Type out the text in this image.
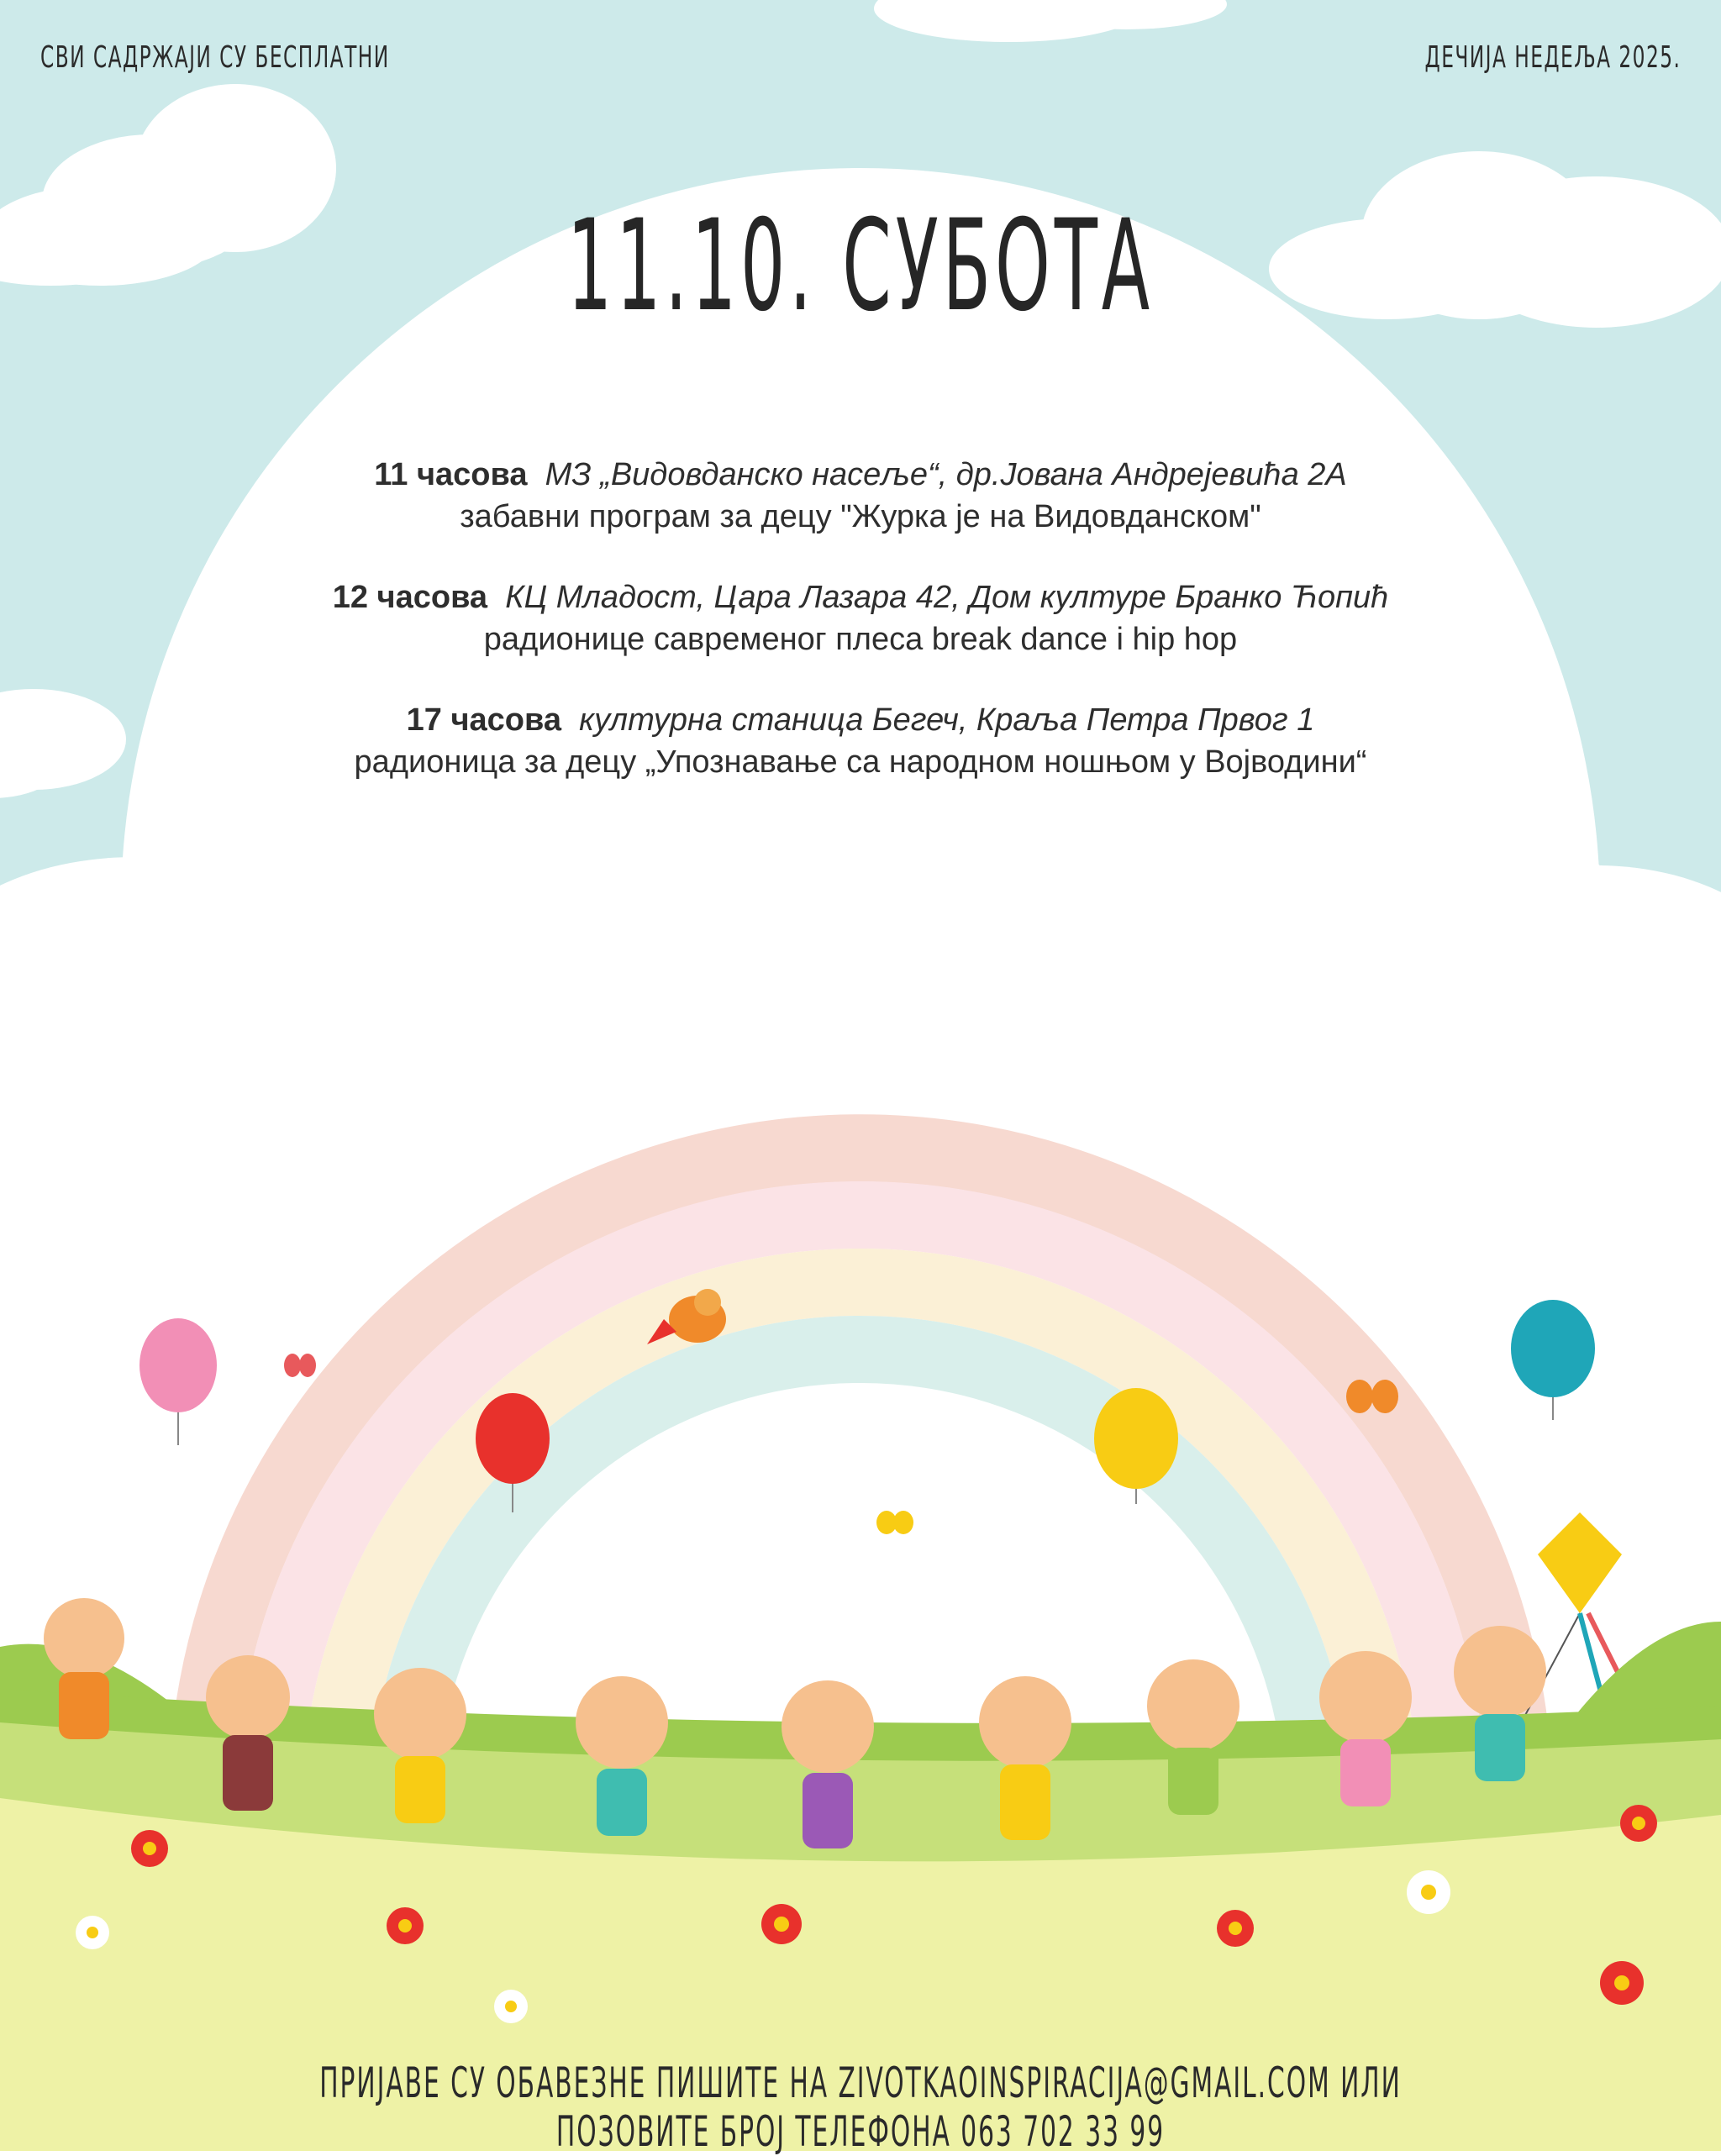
СВИ САДРЖАЈИ СУ БЕСПЛАТНИ	ДЕЧИЈА НЕДЕЉА 2025.
11.10. СУБОТА
11 часова МЗ „Видовданско насеље“, др.Јована Андрејевића 2А
забавни програм за децу "Журка је на Видовданском"
12 часова КЦ Младост, Цара Лазара 42, Дом културе Бранко Ћопић
радионице савременог плеса break dance i hip hop
17 часова културна станица Бегеч, Краља Петра Првог 1
радионица за децу „Упознавање са народном ношњом у Војводини“
ПРИЈАВЕ СУ ОБАВЕЗНЕ ПИШИТЕ НА ZIVOTKAOINSPIRACIJA@GMAIL.COM ИЛИ ПОЗОВИТЕ БРОЈ ТЕЛЕФОНА 063 702 33 99
